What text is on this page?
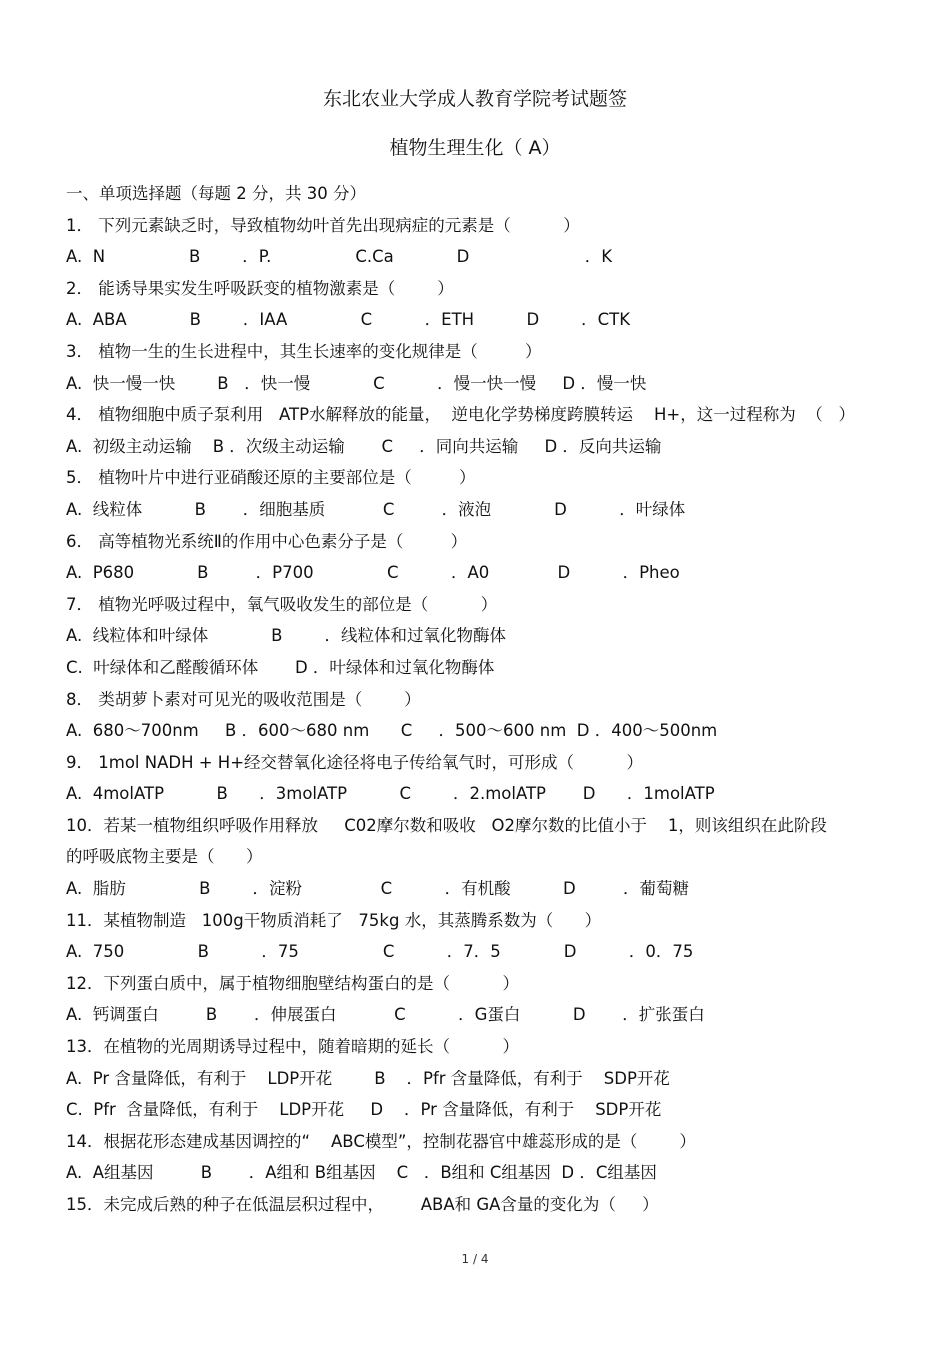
东北农业大学成人教育学院考试题签
植物生理生化（ A）
一、单项选择题（每题 2 分，共 30 分）
1． 下列元素缺乏时，导致植物幼叶首先出现病症的元素是（          ）
A.  N                B        ．P.                C.Ca            D                      ．K
2． 能诱导果实发生呼吸跃变的植物激素是（        ）
A.  ABA            B        ．IAA              C          ．ETH          D        ．CTK
3． 植物一生的生长进程中，其生长速率的变化规律是（         ）
A.  快一慢一快        B   ．快一慢            C          ．慢一快一慢     D ．慢一快
4． 植物细胞中质子泵利用   ATP水解释放的能量，  逆电化学势梯度跨膜转运    H+，这一过程称为  （   ）
A.  初级主动运输    B ．次级主动运输       C     ．同向共运输     D ．反向共运输
5． 植物叶片中进行亚硝酸还原的主要部位是（         ）
A.  线粒体          B       ．细胞基质           C         ．液泡            D          ．叶绿体
6． 高等植物光系统Ⅱ的作用中心色素分子是（         ）
A.  P680            B         ．P700              C          ．A0             D          ．Pheo
7． 植物光呼吸过程中，氧气吸收发生的部位是（          ）
A.  线粒体和叶绿体            B        ．线粒体和过氧化物酶体
C.  叶绿体和乙醛酸循环体       D ．叶绿体和过氧化物酶体
8． 类胡萝卜素对可见光的吸收范围是（        ）
A.  680～700nm     B ．600～680 nm      C     ．500～600 nm  D ．400～500nm
9． 1mol NADH + H+经交替氧化途径将电子传给氧气时，可形成（          ）
A.  4molATP          B      ．3molATP          C        ．2.molATP       D      ．1molATP
10．若某一植物组织呼吸作用释放     C02摩尔数和吸收   O2摩尔数的比值小于    1，则该组织在此阶段
的呼吸底物主要是（      ）
A.  脂肪              B        ．淀粉               C          ．有机酸          D         ．葡萄糖
11．某植物制造   100g干物质消耗了   75kg 水，其蒸腾系数为（      ）
A.  750              B          ．75                C          ．7．5            D          ．0．75
12．下列蛋白质中，属于植物细胞壁结构蛋白的是（          ）
A.  钙调蛋白         B       ．伸展蛋白           C          ．G蛋白          D       ．扩张蛋白
13．在植物的光周期诱导过程中，随着暗期的延长（          ）
A.  Pr 含量降低，有利于    LDP开花        B    ．Pfr 含量降低，有利于    SDP开花
C.  Pfr  含量降低，有利于    LDP开花     D    ．Pr 含量降低，有利于    SDP开花
14．根据花形态建成基因调控的“    ABC模型”，控制花器官中雄蕊形成的是（        ）
A.  A组基因         B       ．A组和 B组基因    C   ．B组和 C组基因  D ．C组基因
15．未完成后熟的种子在低温层积过程中，       ABA和 GA含量的变化为（     ）
1 / 4
